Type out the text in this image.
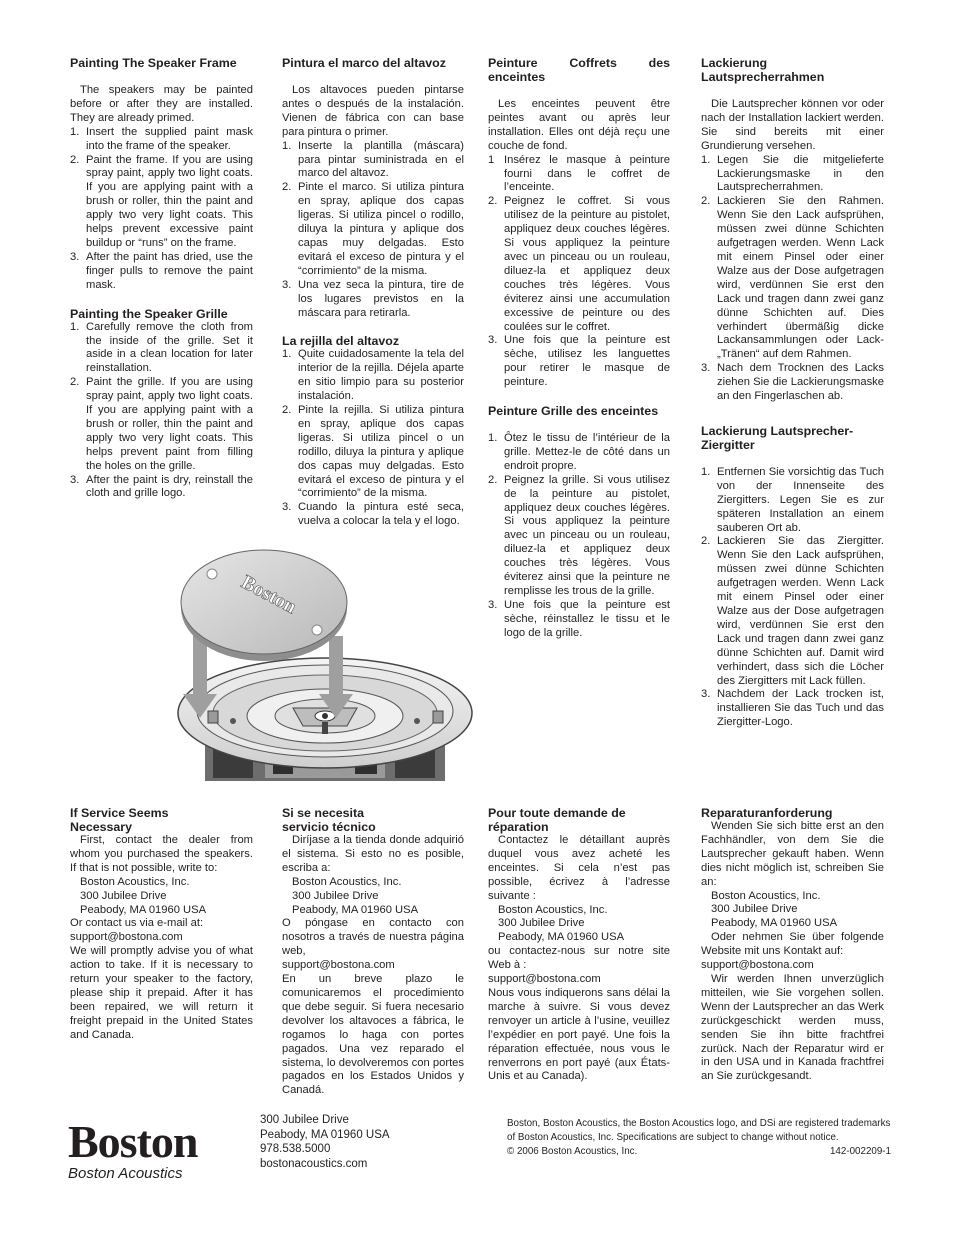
Painting The Speaker Frame

The speakers may be painted before or after they are installed. They are already primed.

1. Insert the supplied paint mask into the frame of the speaker.
2. Paint the frame. If you are using spray paint, apply two light coats. If you are applying paint with a brush or roller, thin the paint and apply two very light coats. This helps prevent excessive paint buildup or “runs” on the frame.
3. After the paint has dried, use the finger pulls to remove the paint mask.
Painting the Speaker Grille
1. Carefully remove the cloth from the inside of the grille. Set it aside in a clean location for later reinstallation.
2. Paint the grille. If you are using spray paint, apply two light coats. If you are applying paint with a brush or roller, thin the paint and apply two very light coats. This helps prevent paint from filling the holes on the grille.
3. After the paint is dry, reinstall the cloth and grille logo.
Pintura el marco del altavoz

Los altavoces pueden pintarse antes o después de la instalación. Vienen de fábrica con can base para pintura o primer.

1. Inserte la plantilla (máscara) para pintar suministrada en el marco del altavoz.
2. Pinte el marco. Si utiliza pintura en spray, aplique dos capas ligeras. Si utiliza pincel o rodillo, diluya la pintura y aplique dos capas muy delgadas. Esto evitará el exceso de pintura y el “corrimiento” de la misma.
3. Una vez seca la pintura, tire de los lugares previstos en la máscara para retirarla.
La rejilla del altavoz
1. Quite cuidadosamente la tela del interior de la rejilla. Déjela aparte en sitio limpio para su posterior instalación.
2. Pinte la rejilla. Si utiliza pintura en spray, aplique dos capas ligeras. Si utiliza pincel o un rodillo, diluya la pintura y aplique dos capas muy delgadas. Esto evitará el exceso de pintura y el “corrimiento” de la misma.
3. Cuando la pintura esté seca, vuelva a colocar la tela y el logo.
Peinture Coffrets des enceintes

Les enceintes peuvent être peintes avant ou après leur installation. Elles ont déjà reçu une couche de fond.

1 Insérez le masque à peinture fourni dans le coffret de l’enceinte.
2. Peignez le coffret. Si vous utilisez de la peinture au pistolet, appliquez deux couches légères. Si vous appliquez la peinture avec un pinceau ou un rouleau, diluez-la et appliquez deux couches très légères. Vous éviterez ainsi une accumulation excessive de peinture ou des coulées sur le coffret.
3. Une fois que la peinture est sèche, utilisez les languettes pour retirer le masque de peinture.
Peinture Grille des enceintes
1. Ôtez le tissu de l’intérieur de la grille. Mettez-le de côté dans un endroit propre.
2. Peignez la grille. Si vous utilisez de la peinture au pistolet, appliquez deux couches légères. Si vous appliquez la peinture avec un pinceau ou un rouleau, diluez-la et appliquez deux couches très légères. Vous éviterez ainsi que la peinture ne remplisse les trous de la grille.
3. Une fois que la peinture est sèche, réinstallez le tissu et le logo de la grille.
Lackierung Lautsprecherrahmen

Die Lautsprecher können vor oder nach der Installation lackiert werden. Sie sind bereits mit einer Grundierung versehen.

1. Legen Sie die mitgelieferte Lackierungsmaske in den Lautsprecherrahmen.
2. Lackieren Sie den Rahmen. Wenn Sie den Lack aufsprühen, müssen zwei dünne Schichten aufgetragen werden. Wenn Lack mit einem Pinsel oder einer Walze aus der Dose aufgetragen wird, verdünnen Sie erst den Lack und tragen dann zwei ganz dünne Schichten auf. Dies verhindert übermäßig dicke Lackansammlungen oder Lack-„Tränen“ auf dem Rahmen.
3. Nach dem Trocknen des Lacks ziehen Sie die Lackierungsmaske an den Fingerlaschen ab.
Lackierung Lautsprecher-Ziergitter
1. Entfernen Sie vorsichtig das Tuch von der Innenseite des Ziergitters. Legen Sie es zur späteren Installation an einem sauberen Ort ab.
2. Lackieren Sie das Ziergitter. Wenn Sie den Lack aufsprühen, müssen zwei dünne Schichten aufgetragen werden. Wenn Lack mit einem Pinsel oder einer Walze aus der Dose aufgetragen wird, verdünnen Sie erst den Lack und tragen dann zwei ganz dünne Schichten auf. Damit wird verhindert, dass sich die Löcher des Ziergitters mit Lack füllen.
3. Nachdem der Lack trocken ist, installieren Sie das Tuch und das Ziergitter-Logo.
If Service Seems Necessary

First, contact the dealer from whom you purchased the speakers. If that is not possible, write to:

Boston Acoustics, Inc.
300 Jubilee Drive
Peabody, MA 01960 USA

Or contact us via e-mail at:

support@bostona.com

We will promptly advise you of what action to take. If it is necessary to return your speaker to the factory, please ship it prepaid. After it has been repaired, we will return it freight prepaid in the United States and Canada.

Si se necesita servicio técnico

Diríjase a la tienda donde adquirió el sistema. Si esto no es posible, escriba a:

Boston Acoustics, Inc.
300 Jubilee Drive
Peabody, MA 01960 USA

O póngase en contacto con nosotros a través de nuestra página web,

support@bostona.com

En un breve plazo le comunicaremos el procedimiento que debe seguir. Si fuera necesario devolver los altavoces a fábrica, le rogamos lo haga con portes pagados. Una vez reparado el sistema, lo devolveremos con portes pagados en los Estados Unidos y Canadá.

Pour toute demande de réparation

Contactez le détaillant auprès duquel vous avez acheté les enceintes. Si cela n’est pas possible, écrivez à l’adresse suivante :

Boston Acoustics, Inc.
300 Jubilee Drive
Peabody, MA 01960 USA

ou contactez-nous sur notre site Web à :

support@bostona.com

Nous vous indiquerons sans délai la marche à suivre. Si vous devez renvoyer un article à l’usine, veuillez l’expédier en port payé. Une fois la réparation effectuée, nous vous le renverrons en port payé (aux États-Unis et au Canada).

Reparaturanforderung

Wenden Sie sich bitte erst an den Fachhändler, von dem Sie die Lautsprecher gekauft haben. Wenn dies nicht möglich ist, schreiben Sie an:

Boston Acoustics, Inc.
300 Jubilee Drive
Peabody, MA 01960 USA

Oder nehmen Sie über folgende Website mit uns Kontakt auf:

support@bostona.com

Wir werden Ihnen unverzüglich mitteilen, wie Sie vorgehen sollen. Wenn der Lautsprecher an das Werk zurückgeschickt werden muss, senden Sie ihn bitte frachtfrei zurück. Nach der Reparatur wird er in den USA und in Kanada frachtfrei an Sie zurückgesandt.

Boston
Boston
Boston Acoustics
300 Jubilee Drive
Peabody, MA 01960 USA
978.538.5000
bostonacoustics.com
Boston, Boston Acoustics, the Boston Acoustics logo, and DSi are registered trademarks of Boston Acoustics, Inc. Specifications are subject to change without notice.
© 2006 Boston Acoustics, Inc.	142-002209-1
